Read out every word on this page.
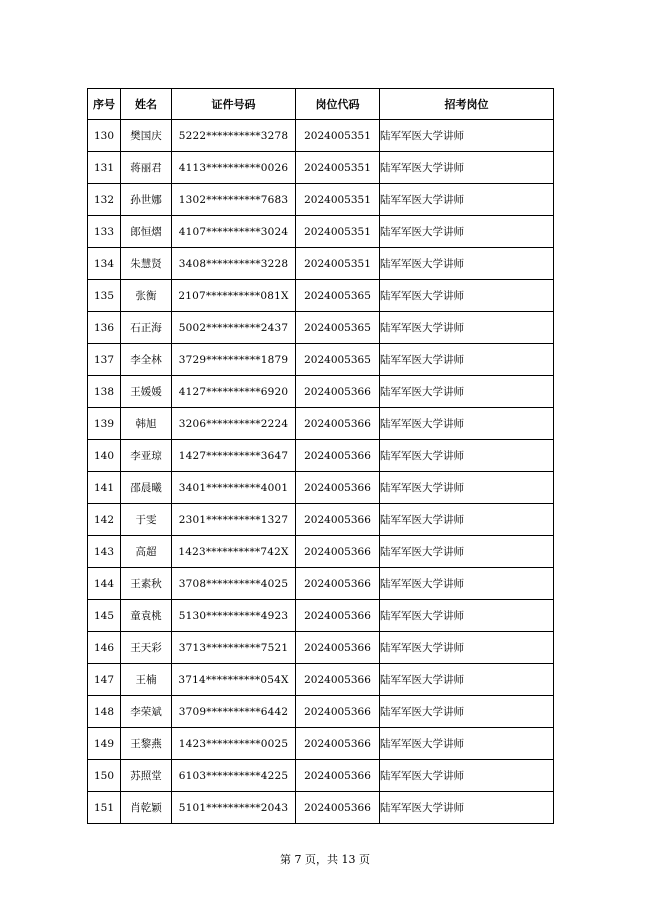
序号	姓名	证件号码	岗位代码	招考岗位
130	樊国庆	5222**********3278	2024005351	陆军军医大学讲师
131	蒋丽君	4113**********0026	2024005351	陆军军医大学讲师
132	孙世娜	1302**********7683	2024005351	陆军军医大学讲师
133	郎恒熠	4107**********3024	2024005351	陆军军医大学讲师
134	朱慧贤	3408**********3228	2024005351	陆军军医大学讲师
135	张衡	2107**********081X	2024005365	陆军军医大学讲师
136	石正海	5002**********2437	2024005365	陆军军医大学讲师
137	李全林	3729**********1879	2024005365	陆军军医大学讲师
138	王媛媛	4127**********6920	2024005366	陆军军医大学讲师
139	韩旭	3206**********2224	2024005366	陆军军医大学讲师
140	李亚琼	1427**********3647	2024005366	陆军军医大学讲师
141	邵晨曦	3401**********4001	2024005366	陆军军医大学讲师
142	于雯	2301**********1327	2024005366	陆军军医大学讲师
143	高超	1423**********742X	2024005366	陆军军医大学讲师
144	王素秋	3708**********4025	2024005366	陆军军医大学讲师
145	童袁桃	5130**********4923	2024005366	陆军军医大学讲师
146	王天彩	3713**********7521	2024005366	陆军军医大学讲师
147	王楠	3714**********054X	2024005366	陆军军医大学讲师
148	李荣斌	3709**********6442	2024005366	陆军军医大学讲师
149	王黎燕	1423**********0025	2024005366	陆军军医大学讲师
150	苏照堂	6103**********4225	2024005366	陆军军医大学讲师
151	肖乾颖	5101**********2043	2024005366	陆军军医大学讲师
第 7 页，共 13 页
